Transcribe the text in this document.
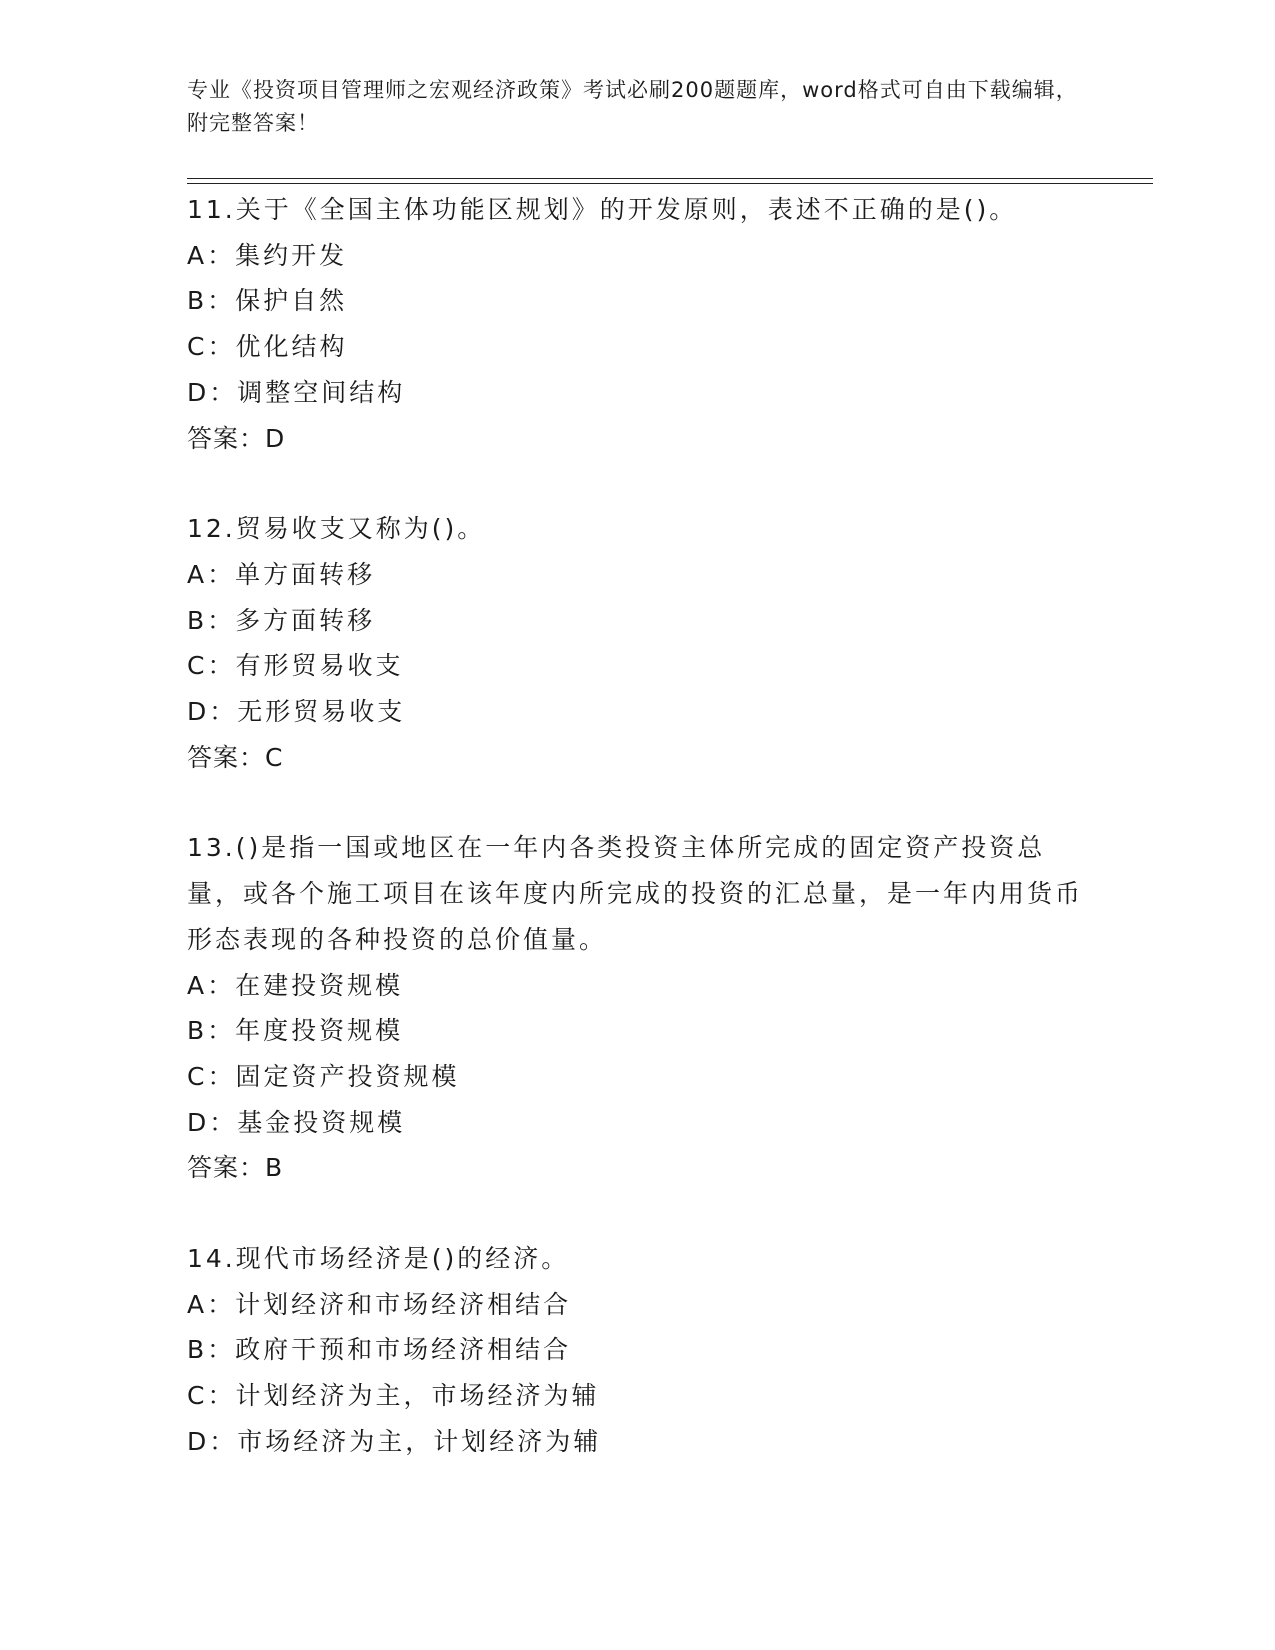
专业《投资项目管理师之宏观经济政策》考试必刷200题题库，word格式可自由下载编辑，附完整答案！
11.关于《全国主体功能区规划》的开发原则，表述不正确的是()。
A：集约开发
B：保护自然
C：优化结构
D：调整空间结构
答案：D
12.贸易收支又称为()。
A：单方面转移
B：多方面转移
C：有形贸易收支
D：无形贸易收支
答案：C
13.()是指一国或地区在一年内各类投资主体所完成的固定资产投资总量，或各个施工项目在该年度内所完成的投资的汇总量，是一年内用货币形态表现的各种投资的总价值量。
A：在建投资规模
B：年度投资规模
C：固定资产投资规模
D：基金投资规模
答案：B
14.现代市场经济是()的经济。
A：计划经济和市场经济相结合
B：政府干预和市场经济相结合
C：计划经济为主，市场经济为辅
D：市场经济为主，计划经济为辅
